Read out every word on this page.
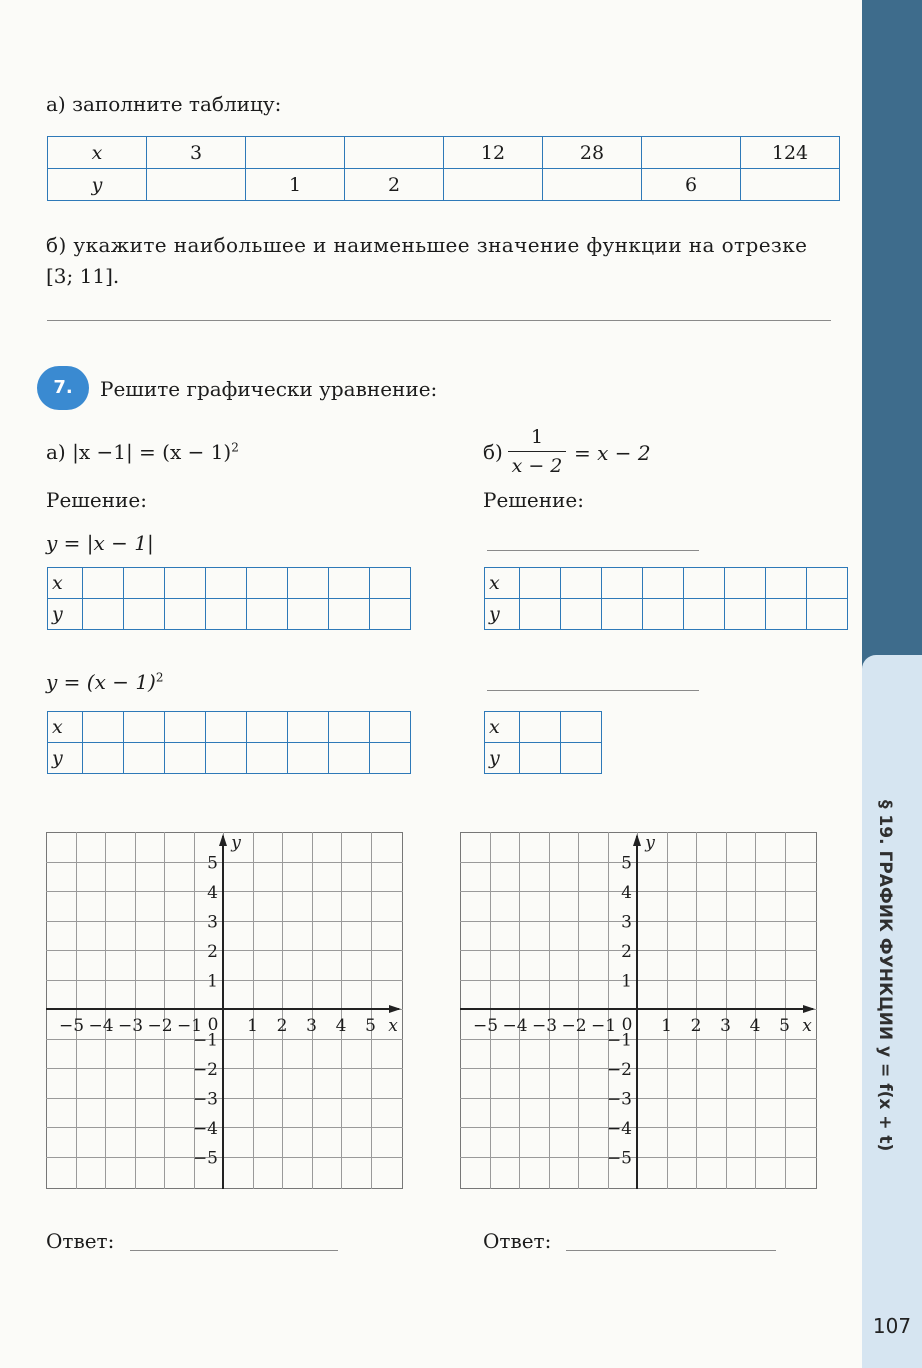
§ 19. ГРАФИК ФУНКЦИИ y = f(x + t)
107
а) заполните таблицу:
x	3			12	28		124
y		1	2			6	
б) укажите наибольшее и наименьшее значение функции на отрезке
[3; 11].
7.	Решите графически уравнение:
а) $|x -1| = (x - 1)^2$	б)
1
x − 2
= x − 2
Решение:	Решение:
y = |x − 1|
x								
y								
x								
y								
$y = (x - 1)^2$
x								
y								
x		
y		
x
y
0
−5 −4 −3 −2 −1	1 2 3 4 5
5
4
3
2
1
−1
−2
−3
−4
−5
x
y
0
−5 −4 −3 −2 −1	1 2 3 4 5
5
4
3
2
1
−1
−2
−3
−4
−5
Ответ:	Ответ:
